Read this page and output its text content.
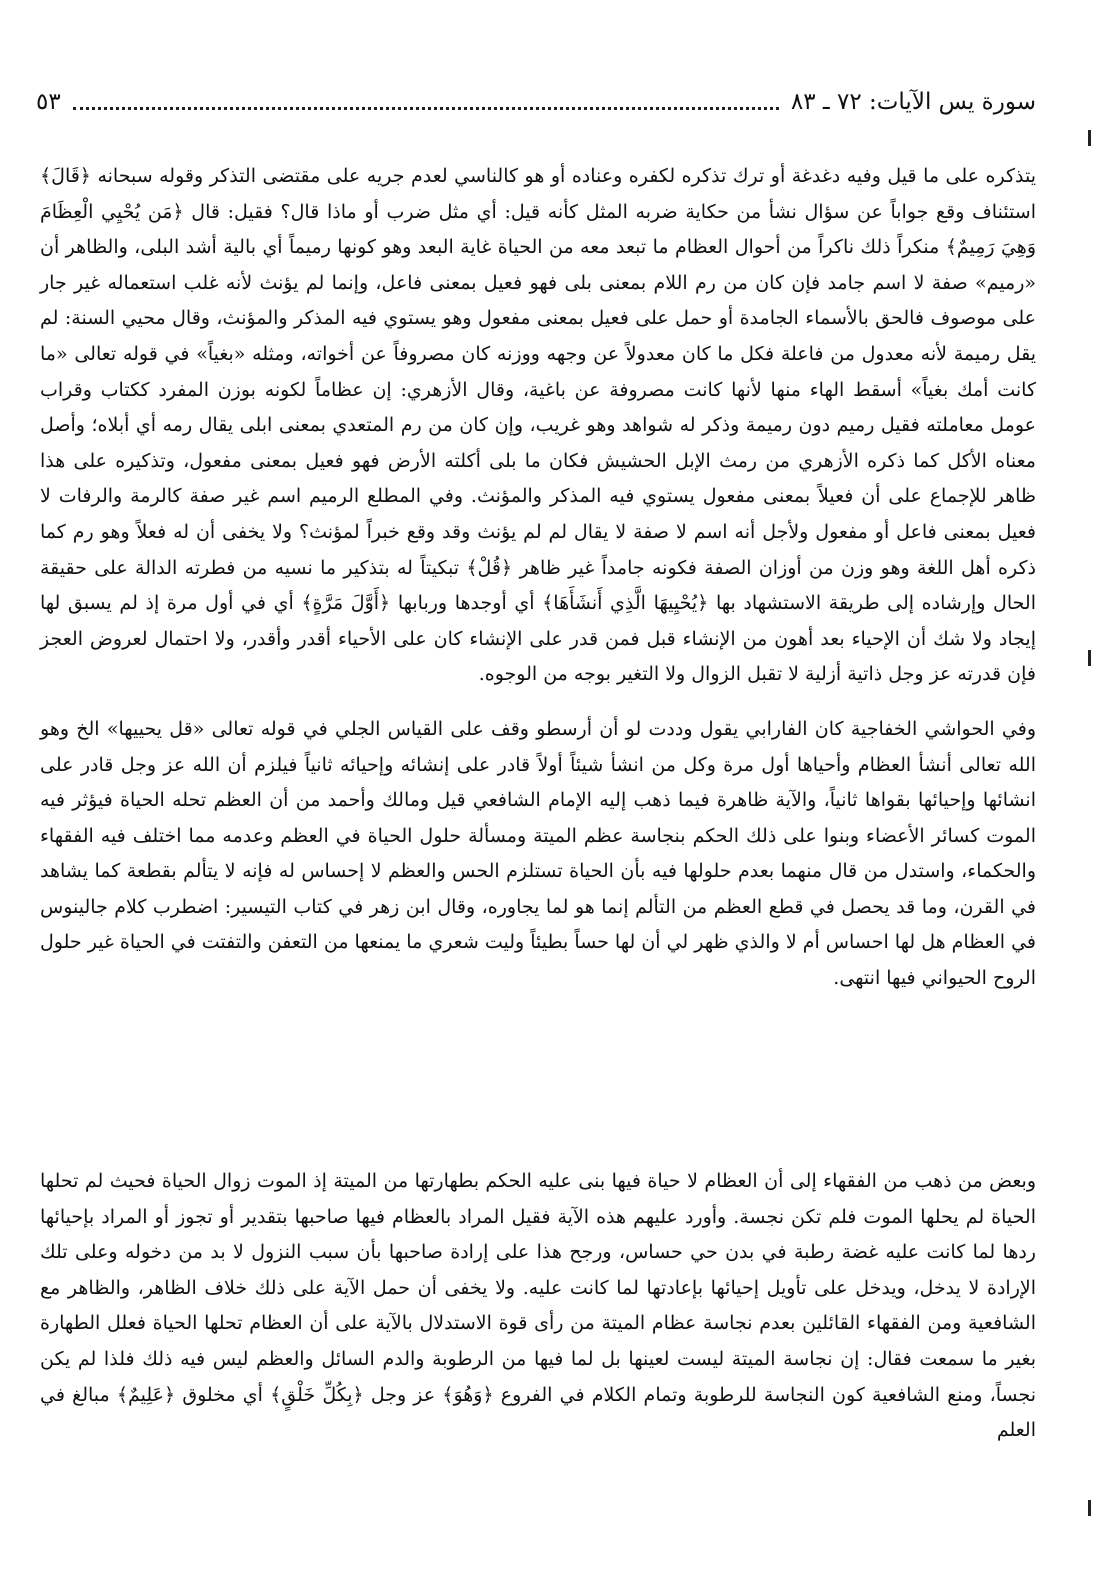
سورة يس الآيات: ٧٢ ـ ٨٣
٥٣

يتذكره على ما قيل وفيه دغدغة أو ترك تذكره لكفره وعناده أو هو كالناسي لعدم جريه على مقتضى التذكر وقوله سبحانه ﴿قَالَ﴾ استئناف وقع جواباً عن سؤال نشأ من حكاية ضربه المثل كأنه قيل: أي مثل ضرب أو ماذا قال؟ فقيل: قال ﴿مَن يُحْيِي الْعِظَامَ وَهِيَ رَمِيمٌ﴾ منكراً ذلك ناكراً من أحوال العظام ما تبعد معه من الحياة غاية البعد وهو كونها رميماً أي بالية أشد البلى، والظاهر أن «رميم» صفة لا اسم جامد فإن كان من رم اللام بمعنى بلى فهو فعيل بمعنى فاعل، وإنما لم يؤنث لأنه غلب استعماله غير جار على موصوف فالحق بالأسماء الجامدة أو حمل على فعيل بمعنى مفعول وهو يستوي فيه المذكر والمؤنث، وقال محيي السنة: لم يقل رميمة لأنه معدول من فاعلة فكل ما كان معدولاً عن وجهه ووزنه كان مصروفاً عن أخواته، ومثله «بغياً» في قوله تعالى «ما كانت أمك بغياً» أسقط الهاء منها لأنها كانت مصروفة عن باغية، وقال الأزهري: إن عظاماً لكونه بوزن المفرد ككتاب وقراب عومل معاملته فقيل رميم دون رميمة وذكر له شواهد وهو غريب، وإن كان من رم المتعدي بمعنى ابلى يقال رمه أي أبلاه؛ وأصل معناه الأكل كما ذكره الأزهري من رمث الإبل الحشيش فكان ما بلى أكلته الأرض فهو فعيل بمعنى مفعول، وتذكيره على هذا ظاهر للإجماع على أن فعيلاً بمعنى مفعول يستوي فيه المذكر والمؤنث. وفي المطلع الرميم اسم غير صفة كالرمة والرفات لا فعيل بمعنى فاعل أو مفعول ولأجل أنه اسم لا صفة لا يقال لم لم يؤنث وقد وقع خبراً لمؤنث؟ ولا يخفى أن له فعلاً وهو رم كما ذكره أهل اللغة وهو وزن من أوزان الصفة فكونه جامداً غير ظاهر ﴿قُلْ﴾ تبكيتاً له بتذكير ما نسيه من فطرته الدالة على حقيقة الحال وإرشاده إلى طريقة الاستشهاد بها ﴿يُحْيِيهَا الَّذِي أَنشَأَهَا﴾ أي أوجدها وربابها ﴿أَوَّلَ مَرَّةٍ﴾ أي في أول مرة إذ لم يسبق لها إيجاد ولا شك أن الإحياء بعد أهون من الإنشاء قبل فمن قدر على الإنشاء كان على الأحياء أقدر وأقدر، ولا احتمال لعروض العجز فإن قدرته عز وجل ذاتية أزلية لا تقبل الزوال ولا التغير بوجه من الوجوه.

وفي الحواشي الخفاجية كان الفارابي يقول وددت لو أن أرسطو وقف على القياس الجلي في قوله تعالى «قل يحييها» الخ وهو الله تعالى أنشأ العظام وأحياها أول مرة وكل من انشأ شيئاً أولاً قادر على إنشائه وإحيائه ثانياً فيلزم أن الله عز وجل قادر على انشائها وإحيائها بقواها ثانياً، والآية ظاهرة فيما ذهب إليه الإمام الشافعي قيل ومالك وأحمد من أن العظم تحله الحياة فيؤثر فيه الموت كسائر الأعضاء وبنوا على ذلك الحكم بنجاسة عظم الميتة ومسألة حلول الحياة في العظم وعدمه مما اختلف فيه الفقهاء والحكماء، واستدل من قال منهما بعدم حلولها فيه بأن الحياة تستلزم الحس والعظم لا إحساس له فإنه لا يتألم بقطعة كما يشاهد في القرن، وما قد يحصل في قطع العظم من التألم إنما هو لما يجاوره، وقال ابن زهر في كتاب التيسير: اضطرب كلام جالينوس في العظام هل لها احساس أم لا والذي ظهر لي أن لها حساً بطيئاً وليت شعري ما يمنعها من التعفن والتفتت في الحياة غير حلول الروح الحيواني فيها انتهى.

وبعض من ذهب من الفقهاء إلى أن العظام لا حياة فيها بنى عليه الحكم بطهارتها من الميتة إذ الموت زوال الحياة فحيث لم تحلها الحياة لم يحلها الموت فلم تكن نجسة. وأورد عليهم هذه الآية فقيل المراد بالعظام فيها صاحبها بتقدير أو تجوز أو المراد بإحيائها ردها لما كانت عليه غضة رطبة في بدن حي حساس، ورجح هذا على إرادة صاحبها بأن سبب النزول لا بد من دخوله وعلى تلك الإرادة لا يدخل، ويدخل على تأويل إحيائها بإعادتها لما كانت عليه. ولا يخفى أن حمل الآية على ذلك خلاف الظاهر، والظاهر مع الشافعية ومن الفقهاء القائلين بعدم نجاسة عظام الميتة من رأى قوة الاستدلال بالآية على أن العظام تحلها الحياة فعلل الطهارة بغير ما سمعت فقال: إن نجاسة الميتة ليست لعينها بل لما فيها من الرطوبة والدم السائل والعظم ليس فيه ذلك فلذا لم يكن نجساً، ومنع الشافعية كون النجاسة للرطوبة وتمام الكلام في الفروع ﴿وَهُوَ﴾ عز وجل ﴿بِكُلِّ خَلْقٍ﴾ أي مخلوق ﴿عَلِيمٌ﴾ مبالغ في العلم
